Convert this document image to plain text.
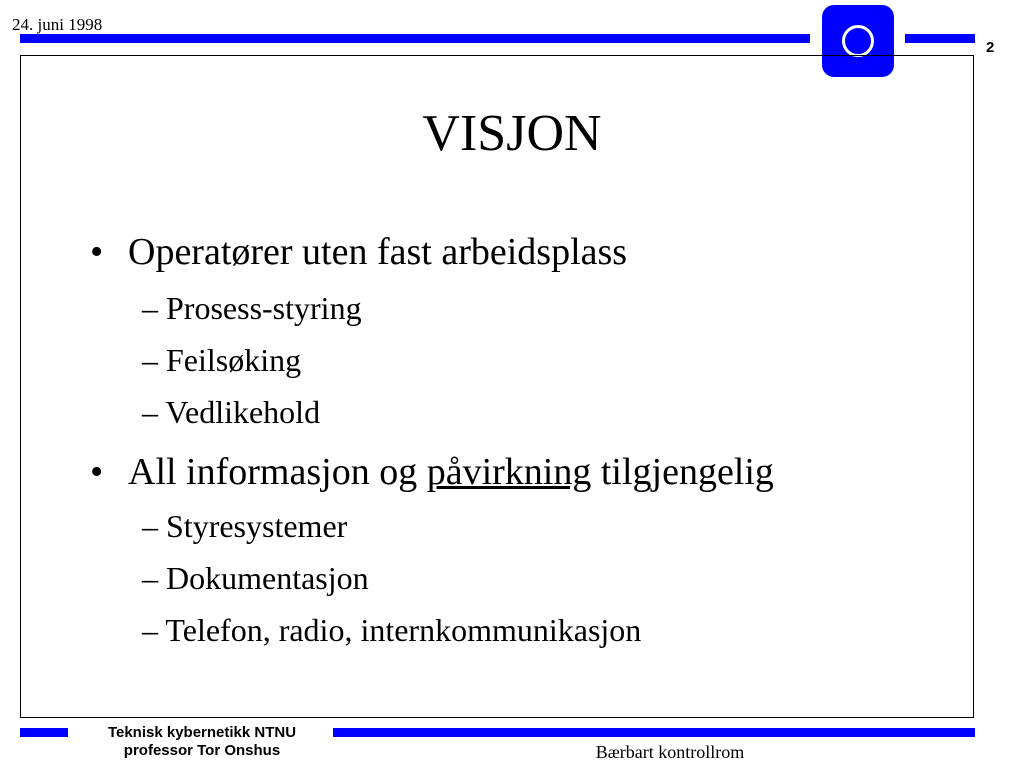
24. juni 1998
2
VISJON
• Operatører uten fast arbeidsplass
– Prosess-styring
– Feilsøking
– Vedlikehold
• All informasjon og påvirkning tilgjengelig
– Styresystemer
– Dokumentasjon
– Telefon, radio, internkommunikasjon
Teknisk kybernetikk NTNU
professor Tor Onshus	Bærbart kontrollrom
